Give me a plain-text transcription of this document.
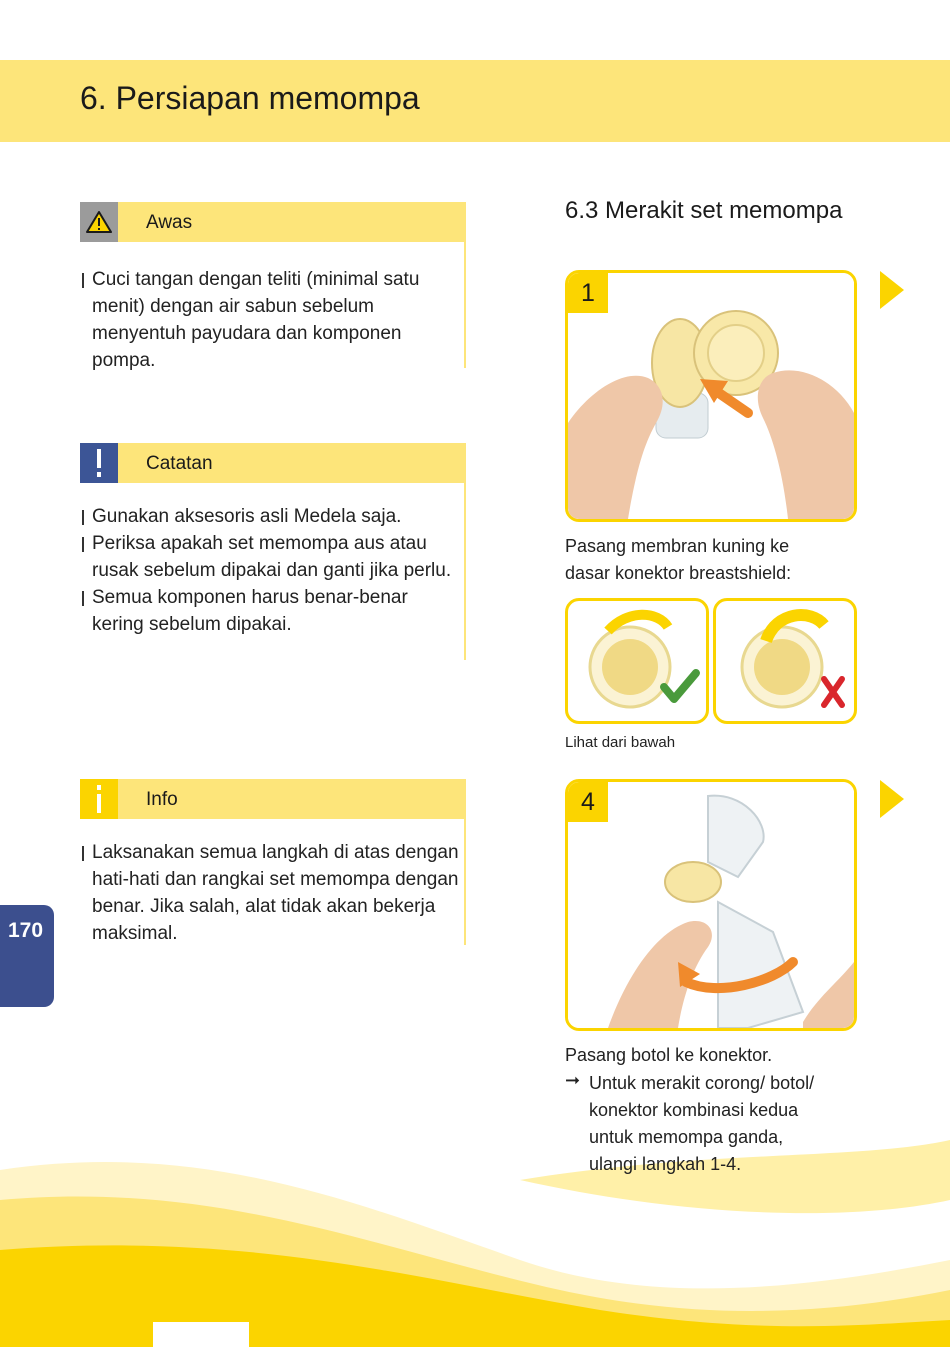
6. Persiapan memompa
170
Awas
Cuci tangan dengan teliti (minimal satu menit) dengan air sabun sebelum menyentuh payudara dan komponen pompa.
Catatan
Gunakan aksesoris asli Medela saja.
Periksa apakah set memompa aus atau rusak sebelum dipakai dan ganti jika perlu.
Semua komponen harus benar-benar kering sebelum dipakai.
Info
Laksanakan semua langkah di atas dengan hati-hati dan rangkai set memompa dengan benar. Jika salah, alat tidak akan bekerja maksimal.
6.3 Merakit set memompa
1
Pasang membran kuning ke
dasar konektor breastshield:
Lihat dari bawah
4
Pasang botol ke konektor.
➞ Untuk merakit corong/ botol/
konektor kombinasi kedua
untuk memompa ganda,
ulangi langkah 1-4.
